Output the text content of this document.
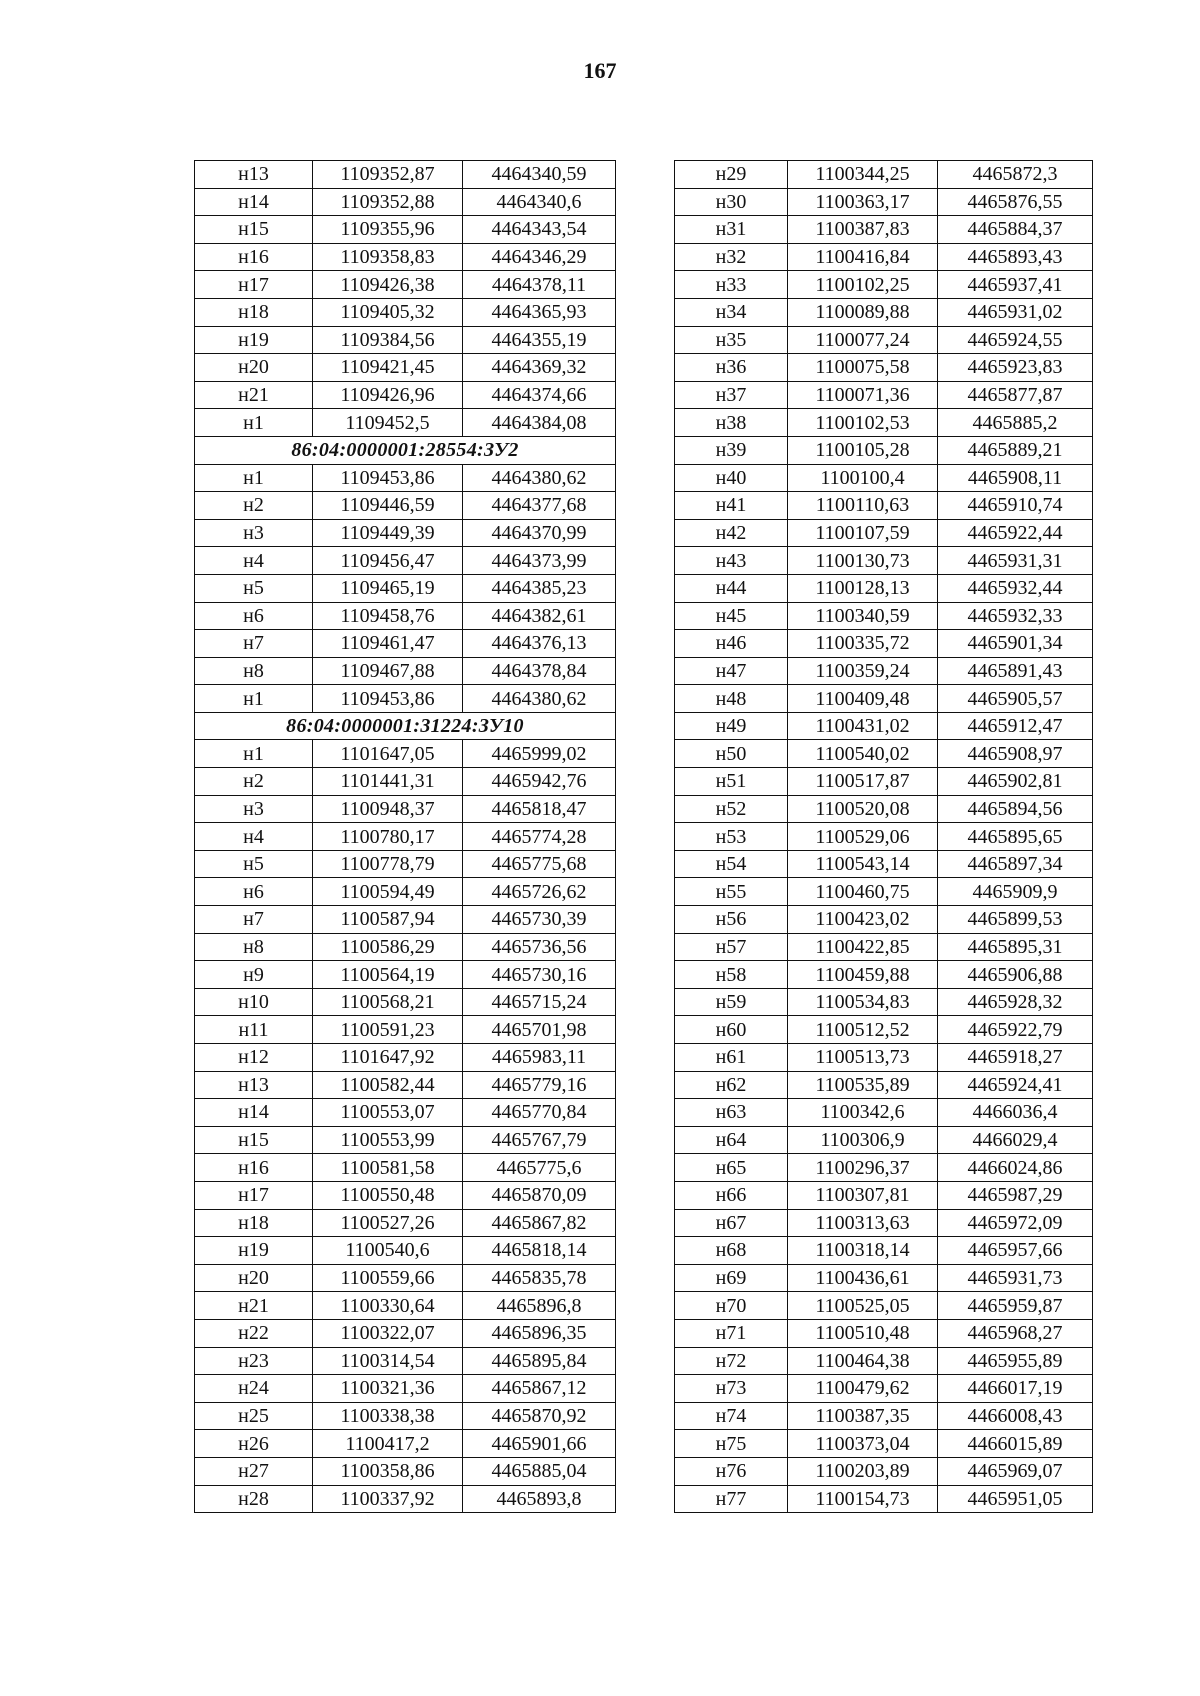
167
н13	1109352,87	4464340,59
н14	1109352,88	4464340,6
н15	1109355,96	4464343,54
н16	1109358,83	4464346,29
н17	1109426,38	4464378,11
н18	1109405,32	4464365,93
н19	1109384,56	4464355,19
н20	1109421,45	4464369,32
н21	1109426,96	4464374,66
н1	1109452,5	4464384,08
86:04:0000001:28554:ЗУ2		
н1	1109453,86	4464380,62
н2	1109446,59	4464377,68
н3	1109449,39	4464370,99
н4	1109456,47	4464373,99
н5	1109465,19	4464385,23
н6	1109458,76	4464382,61
н7	1109461,47	4464376,13
н8	1109467,88	4464378,84
н1	1109453,86	4464380,62
86:04:0000001:31224:ЗУ10		
н1	1101647,05	4465999,02
н2	1101441,31	4465942,76
н3	1100948,37	4465818,47
н4	1100780,17	4465774,28
н5	1100778,79	4465775,68
н6	1100594,49	4465726,62
н7	1100587,94	4465730,39
н8	1100586,29	4465736,56
н9	1100564,19	4465730,16
н10	1100568,21	4465715,24
н11	1100591,23	4465701,98
н12	1101647,92	4465983,11
н13	1100582,44	4465779,16
н14	1100553,07	4465770,84
н15	1100553,99	4465767,79
н16	1100581,58	4465775,6
н17	1100550,48	4465870,09
н18	1100527,26	4465867,82
н19	1100540,6	4465818,14
н20	1100559,66	4465835,78
н21	1100330,64	4465896,8
н22	1100322,07	4465896,35
н23	1100314,54	4465895,84
н24	1100321,36	4465867,12
н25	1100338,38	4465870,92
н26	1100417,2	4465901,66
н27	1100358,86	4465885,04
н28	1100337,92	4465893,8
н29	1100344,25	4465872,3
н30	1100363,17	4465876,55
н31	1100387,83	4465884,37
н32	1100416,84	4465893,43
н33	1100102,25	4465937,41
н34	1100089,88	4465931,02
н35	1100077,24	4465924,55
н36	1100075,58	4465923,83
н37	1100071,36	4465877,87
н38	1100102,53	4465885,2
н39	1100105,28	4465889,21
н40	1100100,4	4465908,11
н41	1100110,63	4465910,74
н42	1100107,59	4465922,44
н43	1100130,73	4465931,31
н44	1100128,13	4465932,44
н45	1100340,59	4465932,33
н46	1100335,72	4465901,34
н47	1100359,24	4465891,43
н48	1100409,48	4465905,57
н49	1100431,02	4465912,47
н50	1100540,02	4465908,97
н51	1100517,87	4465902,81
н52	1100520,08	4465894,56
н53	1100529,06	4465895,65
н54	1100543,14	4465897,34
н55	1100460,75	4465909,9
н56	1100423,02	4465899,53
н57	1100422,85	4465895,31
н58	1100459,88	4465906,88
н59	1100534,83	4465928,32
н60	1100512,52	4465922,79
н61	1100513,73	4465918,27
н62	1100535,89	4465924,41
н63	1100342,6	4466036,4
н64	1100306,9	4466029,4
н65	1100296,37	4466024,86
н66	1100307,81	4465987,29
н67	1100313,63	4465972,09
н68	1100318,14	4465957,66
н69	1100436,61	4465931,73
н70	1100525,05	4465959,87
н71	1100510,48	4465968,27
н72	1100464,38	4465955,89
н73	1100479,62	4466017,19
н74	1100387,35	4466008,43
н75	1100373,04	4466015,89
н76	1100203,89	4465969,07
н77	1100154,73	4465951,05
